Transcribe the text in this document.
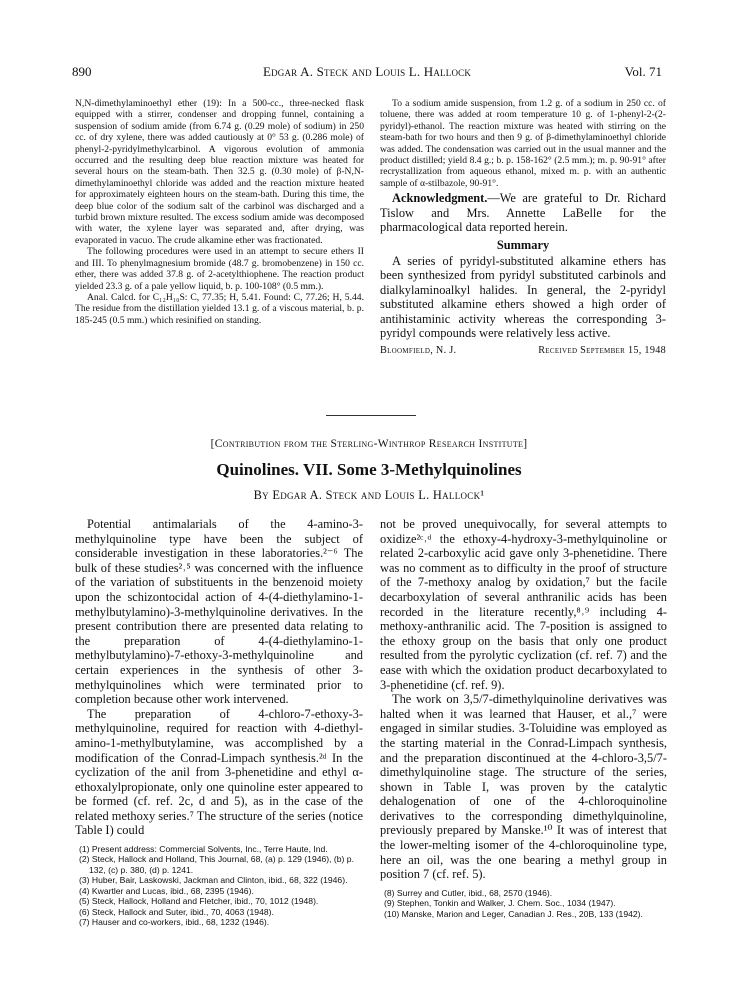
890	Edgar A. Steck and Louis L. Hallock	Vol. 71

N,N-dimethylaminoethyl ether (19): In a 500-cc., three-necked flask equipped with a stirrer, condenser and dropping funnel, containing a suspension of sodium amide (from 6.74 g. (0.29 mole) of sodium) in 250 cc. of dry xylene, there was added cautiously at 0° 53 g. (0.286 mole) of phenyl-2-pyridylmethylcarbinol. A vigorous evolution of ammonia occurred and the resulting deep blue reaction mixture was heated for several hours on the steam-bath. Then 32.5 g. (0.30 mole) of β-N,N-dimethylaminoethyl chloride was added and the reaction mixture heated for approximately eighteen hours on the steam-bath. During this time, the deep blue color of the sodium salt of the carbinol was discharged and a turbid brown mixture resulted. The excess sodium amide was decomposed with water, the xylene layer was separated and, after drying, was evaporated in vacuo. The crude alkamine ether was fractionated.

The following procedures were used in an attempt to secure ethers II and III. To phenylmagnesium bromide (48.7 g. bromobenzene) in 150 cc. ether, there was added 37.8 g. of 2-acetylthiophene. The reaction product yielded 23.3 g. of a pale yellow liquid, b. p. 100-108° (0.5 mm.).

Anal. Calcd. for C₁₂H₁₀S: C, 77.35; H, 5.41. Found: C, 77.26; H, 5.44. The residue from the distillation yielded 13.1 g. of a viscous material, b. p. 185-245 (0.5 mm.) which resinified on standing.

To a sodium amide suspension, from 1.2 g. of a sodium in 250 cc. of toluene, there was added at room temperature 10 g. of 1-phenyl-2-(2-pyridyl)-ethanol. The reaction mixture was heated with stirring on the steam-bath for two hours and then 9 g. of β-dimethylaminoethyl chloride was added. The condensation was carried out in the usual manner and the product distilled; yield 8.4 g.; b. p. 158-162° (2.5 mm.); m. p. 90-91° after recrystallization from aqueous ethanol, mixed m. p. with an authentic sample of α-stilbazole, 90-91°.

Acknowledgment.—We are grateful to Dr. Richard Tislow and Mrs. Annette LaBelle for the pharmacological data reported herein.

Summary

A series of pyridyl-substituted alkamine ethers has been synthesized from pyridyl substituted carbinols and dialkylaminoalkyl halides. In general, the 2-pyridyl substituted alkamine ethers showed a high order of antihistaminic activity whereas the corresponding 3-pyridyl compounds were relatively less active.

Bloomfield, N. J.	Received September 15, 1948
[Contribution from the Sterling-Winthrop Research Institute]
Quinolines. VII. Some 3-Methylquinolines
By Edgar A. Steck and Louis L. Hallock¹

Potential antimalarials of the 4-amino-3-methylquinoline type have been the subject of considerable investigation in these laboratories.²⁻⁶ The bulk of these studies²˒⁵ was concerned with the influence of the variation of substituents in the benzenoid moiety upon the schizontocidal action of 4-(4-diethylamino-1-methylbutylamino)-3-methylquinoline derivatives. In the present contribution there are presented data relating to the preparation of 4-(4-diethylamino-1-methylbutylamino)-7-ethoxy-3-methylquinoline and certain experiences in the synthesis of other 3-methylquinolines which were terminated prior to completion because other work intervened.

The preparation of 4-chloro-7-ethoxy-3-methylquinoline, required for reaction with 4-diethyl-amino-1-methylbutylamine, was accomplished by a modification of the Conrad-Limpach synthesis.²ᵈ In the cyclization of the anil from 3-phenetidine and ethyl α-ethoxalylpropionate, only one quinoline ester appeared to be formed (cf. ref. 2c, d and 5), as in the case of the related methoxy series.⁷ The structure of the series (notice Table I) could

(1) Present address: Commercial Solvents, Inc., Terre Haute, Ind.
(2) Steck, Hallock and Holland, This Journal, 68, (a) p. 129 (1946), (b) p. 132, (c) p. 380, (d) p. 1241.
(3) Huber, Bair, Laskowski, Jackman and Clinton, ibid., 68, 322 (1946).
(4) Kwartler and Lucas, ibid., 68, 2395 (1946).
(5) Steck, Hallock, Holland and Fletcher, ibid., 70, 1012 (1948).
(6) Steck, Hallock and Suter, ibid., 70, 4063 (1948).
(7) Hauser and co-workers, ibid., 68, 1232 (1946).

not be proved unequivocally, for several attempts to oxidize²ᶜ˒ᵈ the ethoxy-4-hydroxy-3-methylquinoline or related 2-carboxylic acid gave only 3-phenetidine. There was no comment as to difficulty in the proof of structure of the 7-methoxy analog by oxidation,⁷ but the facile decarboxylation of several anthranilic acids has been recorded in the literature recently,⁸˒⁹ including 4-methoxy-anthranilic acid. The 7-position is assigned to the ethoxy group on the basis that only one product resulted from the pyrolytic cyclization (cf. ref. 7) and the ease with which the oxidation product decarboxylated to 3-phenetidine (cf. ref. 9).

The work on 3,5/7-dimethylquinoline derivatives was halted when it was learned that Hauser, et al.,⁷ were engaged in similar studies. 3-Toluidine was employed as the starting material in the Conrad-Limpach synthesis, and the preparation discontinued at the 4-chloro-3,5/7-dimethylquinoline stage. The structure of the series, shown in Table I, was proven by the catalytic dehalogenation of one of the 4-chloroquinoline derivatives to the corresponding dimethylquinoline, previously prepared by Manske.¹⁰ It was of interest that the lower-melting isomer of the 4-chloroquinoline type, here an oil, was the one bearing a methyl group in position 7 (cf. ref. 5).

(8) Surrey and Cutler, ibid., 68, 2570 (1946).
(9) Stephen, Tonkin and Walker, J. Chem. Soc., 1034 (1947).
(10) Manske, Marion and Leger, Canadian J. Res., 20B, 133 (1942).
